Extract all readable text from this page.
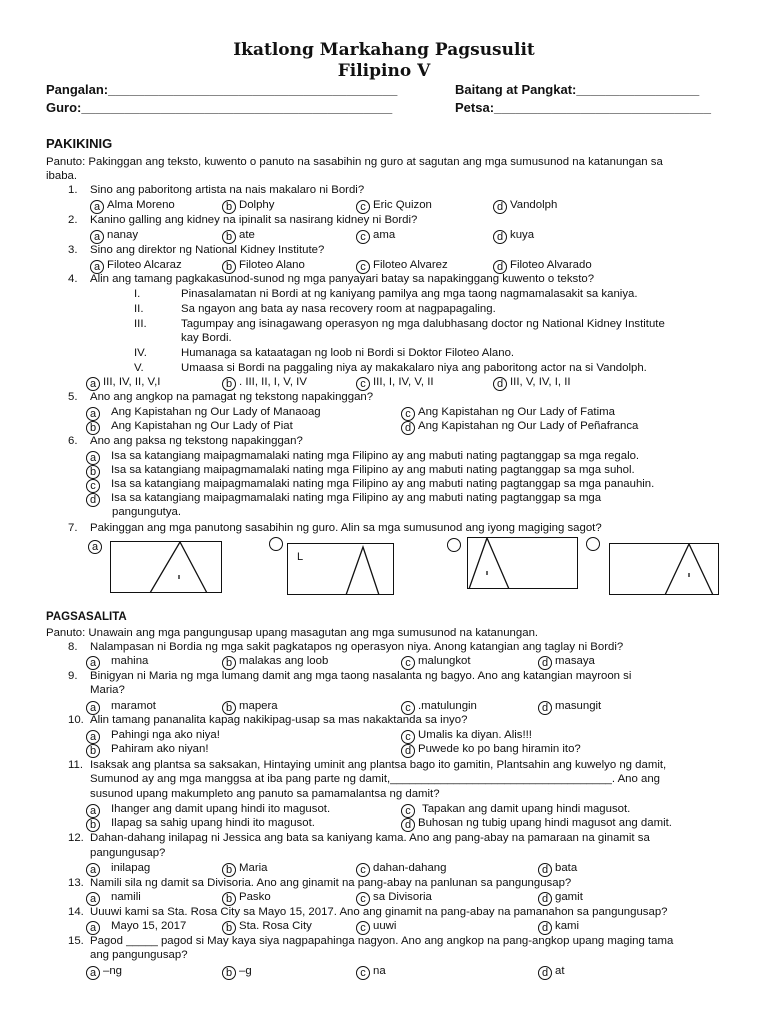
Ikatlong Markahang Pagsusulit
Filipino V
Pangalan:________________________________________	Baitang at Pangkat:_________________
Guro:___________________________________________	Petsa:______________________________
PAKIKINIG
Panuto: Pakinggan ang teksto, kuwento o panuto na sasabihin ng guro at sagutan ang mga sumusunod na katanungan sa
ibaba.
1. Sino ang paboritong artista na nais makalaro ni Bordi?
a Alma Moreno	b Dolphy	c Eric Quizon	d Vandolph
2. Kanino galling ang kidney na ipinalit sa nasirang kidney ni Bordi?
a nanay	b ate	c ama	d kuya
3. Sino ang direktor ng National Kidney Institute?
a Filoteo Alcaraz	b Filoteo Alano	c Filoteo Alvarez	d Filoteo Alvarado
4. Alin ang tamang pagkakasunod-sunod ng mga panyayari batay sa napakinggang kuwento o teksto?
I.	Pinasalamatan ni Bordi at ng kaniyang pamilya ang mga taong nagmamalasakit sa kaniya.
II.	Sa ngayon ang bata ay nasa recovery room at nagpapagaling.
III.	Tagumpay ang isinagawang operasyon ng mga dalubhasang doctor ng National Kidney Institute
kay Bordi.
IV.	Humanaga sa kataatagan ng loob ni Bordi si Doktor Filoteo Alano.
V.	Umaasa si Bordi na paggaling niya ay makakalaro niya ang paboritong actor na si Vandolph.
a III, IV, II, V,I	b . III, II, I, V, IV	c III, I, IV, V, II	d III, V, IV, I, II
5. Ano ang angkop na pamagat ng tekstong napakinggan?
a Ang Kapistahan ng Our Lady of Manaoag
b Ang Kapistahan ng Our Lady of Piat
c Ang Kapistahan ng Our Lady of Fatima
d Ang Kapistahan ng Our Lady of Peñafranca
6. Ano ang paksa ng tekstong napakinggan?
a Isa sa katangiang maipagmamalaki nating mga Filipino ay ang mabuti nating pagtanggap sa mga regalo.
b Isa sa katangiang maipagmamalaki nating mga Filipino ay ang mabuti nating pagtanggap sa mga suhol.
c Isa sa katangiang maipagmamalaki nating mga Filipino ay ang mabuti nating pagtanggap sa mga panauhin.
d Isa sa katangiang maipagmamalaki nating mga Filipino ay ang mabuti nating pagtanggap sa mga
pangungutya.
7. Pakinggan ang mga panutong sasabihin ng guro. Alin sa mga sumusunod ang iyong magiging sagot?
a
L
PAGSASALITA
Panuto: Unawain ang mga pangungusap upang masagutan ang mga sumusunod na katanungan.
8. Nalampasan ni Bordia ng mga sakit pagkatapos ng operasyon niya. Anong katangian ang taglay ni Bordi?
a mahina	b malakas ang loob	c malungkot	d masaya
9. Binigyan ni Maria ng mga lumang damit ang mga taong nasalanta ng bagyo. Ano ang katangian mayroon si
Maria?
a maramot	b mapera	c .matulungin	d masungit
10. Alin tamang pananalita kapag nakikipag-usap sa mas nakaktanda sa inyo?
a Pahingi nga ako niya!
b Pahiram ako niyan!
c Umalis ka diyan. Alis!!!
d Puwede ko po bang hiramin ito?
11. Isaksak ang plantsa sa saksakan, Hintaying uminit ang plantsa bago ito gamitin, Plantsahin ang kuwelyo ng damit,
Sumunod ay ang mga manggsa at iba pang parte ng damit,___________________________________. Ano ang
susunod upang makumpleto ang panuto sa pamamalantsa ng damit?
a Ihanger ang damit upang hindi ito magusot.
b Ilapag sa sahig upang hindi ito magusot.
c Tapakan ang damit upang hindi magusot.
d Buhosan ng tubig upang hindi magusot ang damit.
12. Dahan-dahang inilapag ni Jessica ang bata sa kaniyang kama. Ano ang pang-abay na pamaraan na ginamit sa
pangungusap?
a inilapag	b Maria	c dahan-dahang	d bata
13. Namili sila ng damit sa Divisoria. Ano ang ginamit na pang-abay na panlunan sa pangungusap?
a namili	b Pasko	c sa Divisoria	d gamit
14. Uuuwi kami sa Sta. Rosa City sa Mayo 15, 2017. Ano ang ginamit na pang-abay na pamanahon sa pangungusap?
a Mayo 15, 2017	b Sta. Rosa City	c uuwi	d kami
15. Pagod _____ pagod si May kaya siya nagpapahinga nagyon. Ano ang angkop na pang-angkop upang maging tama
ang pangungusap?
a –ng	b –g	c na	d at
